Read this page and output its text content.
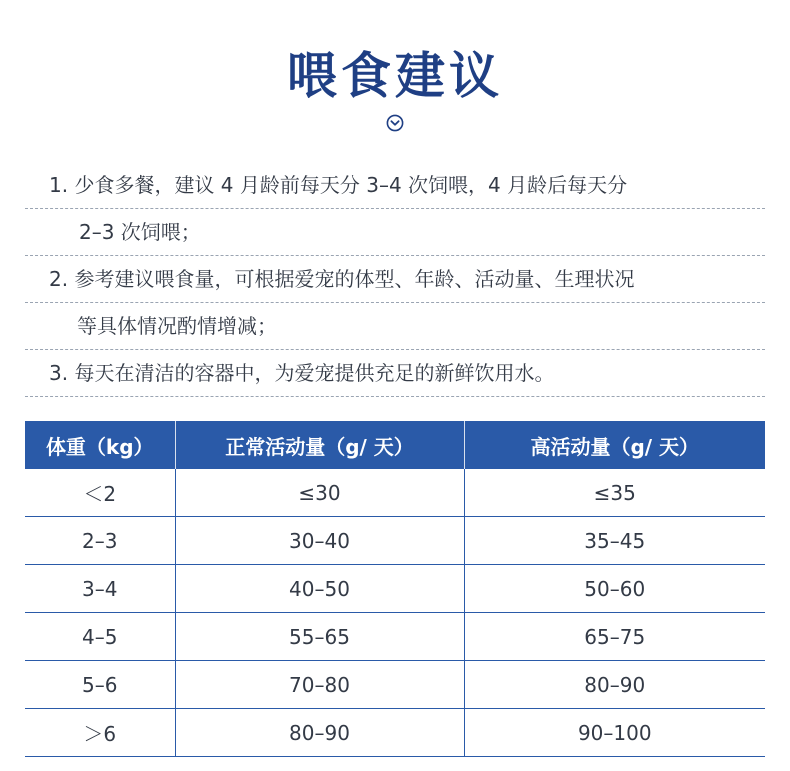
喂食建议
1. 少食多餐，建议 4 月龄前每天分 3–4 次饲喂，4 月龄后每天分
2–3 次饲喂；
2. 参考建议喂食量，可根据爱宠的体型、年龄、活动量、生理状况
等具体情况酌情增减；
3. 每天在清洁的容器中，为爱宠提供充足的新鲜饮用水。
体重（kg）	正常活动量（g/ 天）	高活动量（g/ 天）
＜2	≤30	≤35
2–3	30–40	35–45
3–4	40–50	50–60
4–5	55–65	65–75
5–6	70–80	80–90
＞6	80–90	90–100
